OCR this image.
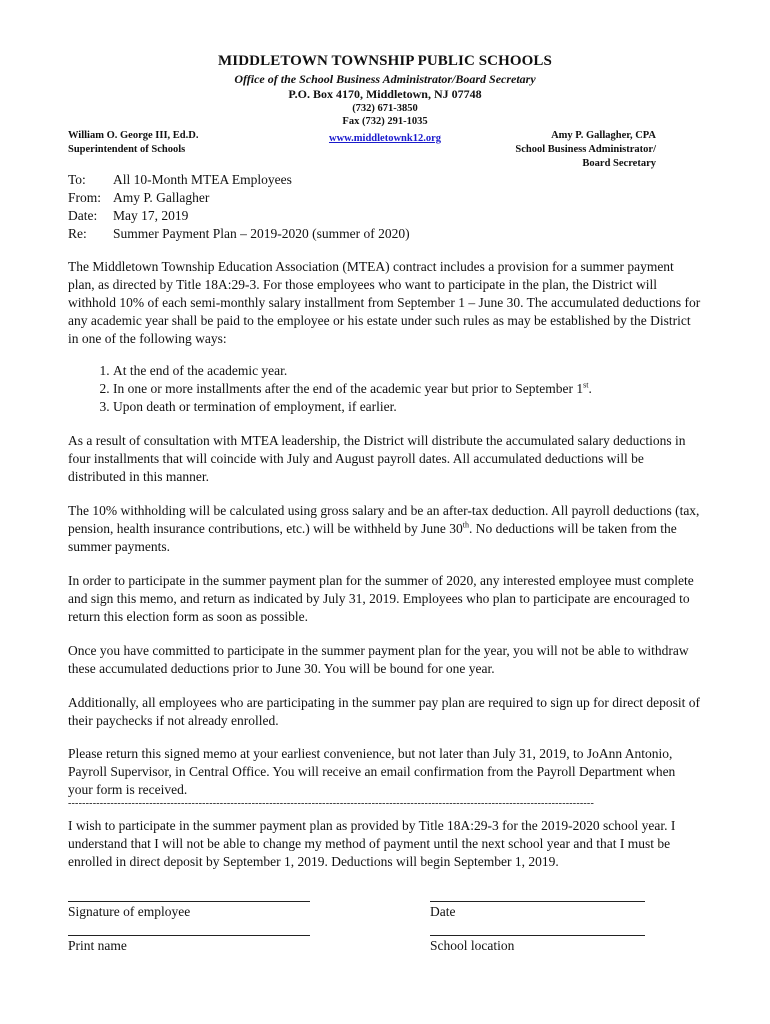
MIDDLETOWN TOWNSHIP PUBLIC SCHOOLS
Office of the School Business Administrator/Board Secretary
P.O. Box 4170, Middletown, NJ 07748
(732) 671-3850
Fax (732) 291-1035
www.middletownk12.org
William O. George III, Ed.D.
Superintendent of Schools
Amy P. Gallagher, CPA
School Business Administrator/
Board Secretary
To:	All 10-Month MTEA Employees
From: Amy P. Gallagher
Date:	May 17, 2019
Re:	Summer Payment Plan – 2019-2020 (summer of 2020)

The Middletown Township Education Association (MTEA) contract includes a provision for a summer payment plan, as directed by Title 18A:29-3. For those employees who want to participate in the plan, the District will withhold 10% of each semi-monthly salary installment from September 1 – June 30. The accumulated deductions for any academic year shall be paid to the employee or his estate under such rules as may be established by the District in one of the following ways:

1. At the end of the academic year.
2. In one or more installments after the end of the academic year but prior to September 1st.
3. Upon death or termination of employment, if earlier.

As a result of consultation with MTEA leadership, the District will distribute the accumulated salary deductions in four installments that will coincide with July and August payroll dates. All accumulated deductions will be distributed in this manner.

The 10% withholding will be calculated using gross salary and be an after-tax deduction. All payroll deductions (tax, pension, health insurance contributions, etc.) will be withheld by June 30th. No deductions will be taken from the summer payments.

In order to participate in the summer payment plan for the summer of 2020, any interested employee must complete and sign this memo, and return as indicated by July 31, 2019. Employees who plan to participate are encouraged to return this election form as soon as possible.

Once you have committed to participate in the summer payment plan for the year, you will not be able to withdraw these accumulated deductions prior to June 30. You will be bound for one year.

Additionally, all employees who are participating in the summer pay plan are required to sign up for direct deposit of their paychecks if not already enrolled.

Please return this signed memo at your earliest convenience, but not later than July 31, 2019, to JoAnn Antonio, Payroll Supervisor, in Central Office. You will receive an email confirmation from the Payroll Department when your form is received.

-----------------------------------------------------------------------------------------------------------------------------------------------------

I wish to participate in the summer payment plan as provided by Title 18A:29-3 for the 2019-2020 school year. I understand that I will not be able to change my method of payment until the next school year and that I must be enrolled in direct deposit by September 1, 2019. Deductions will begin September 1, 2019.

Signature of employee	Date
Print name	School location
